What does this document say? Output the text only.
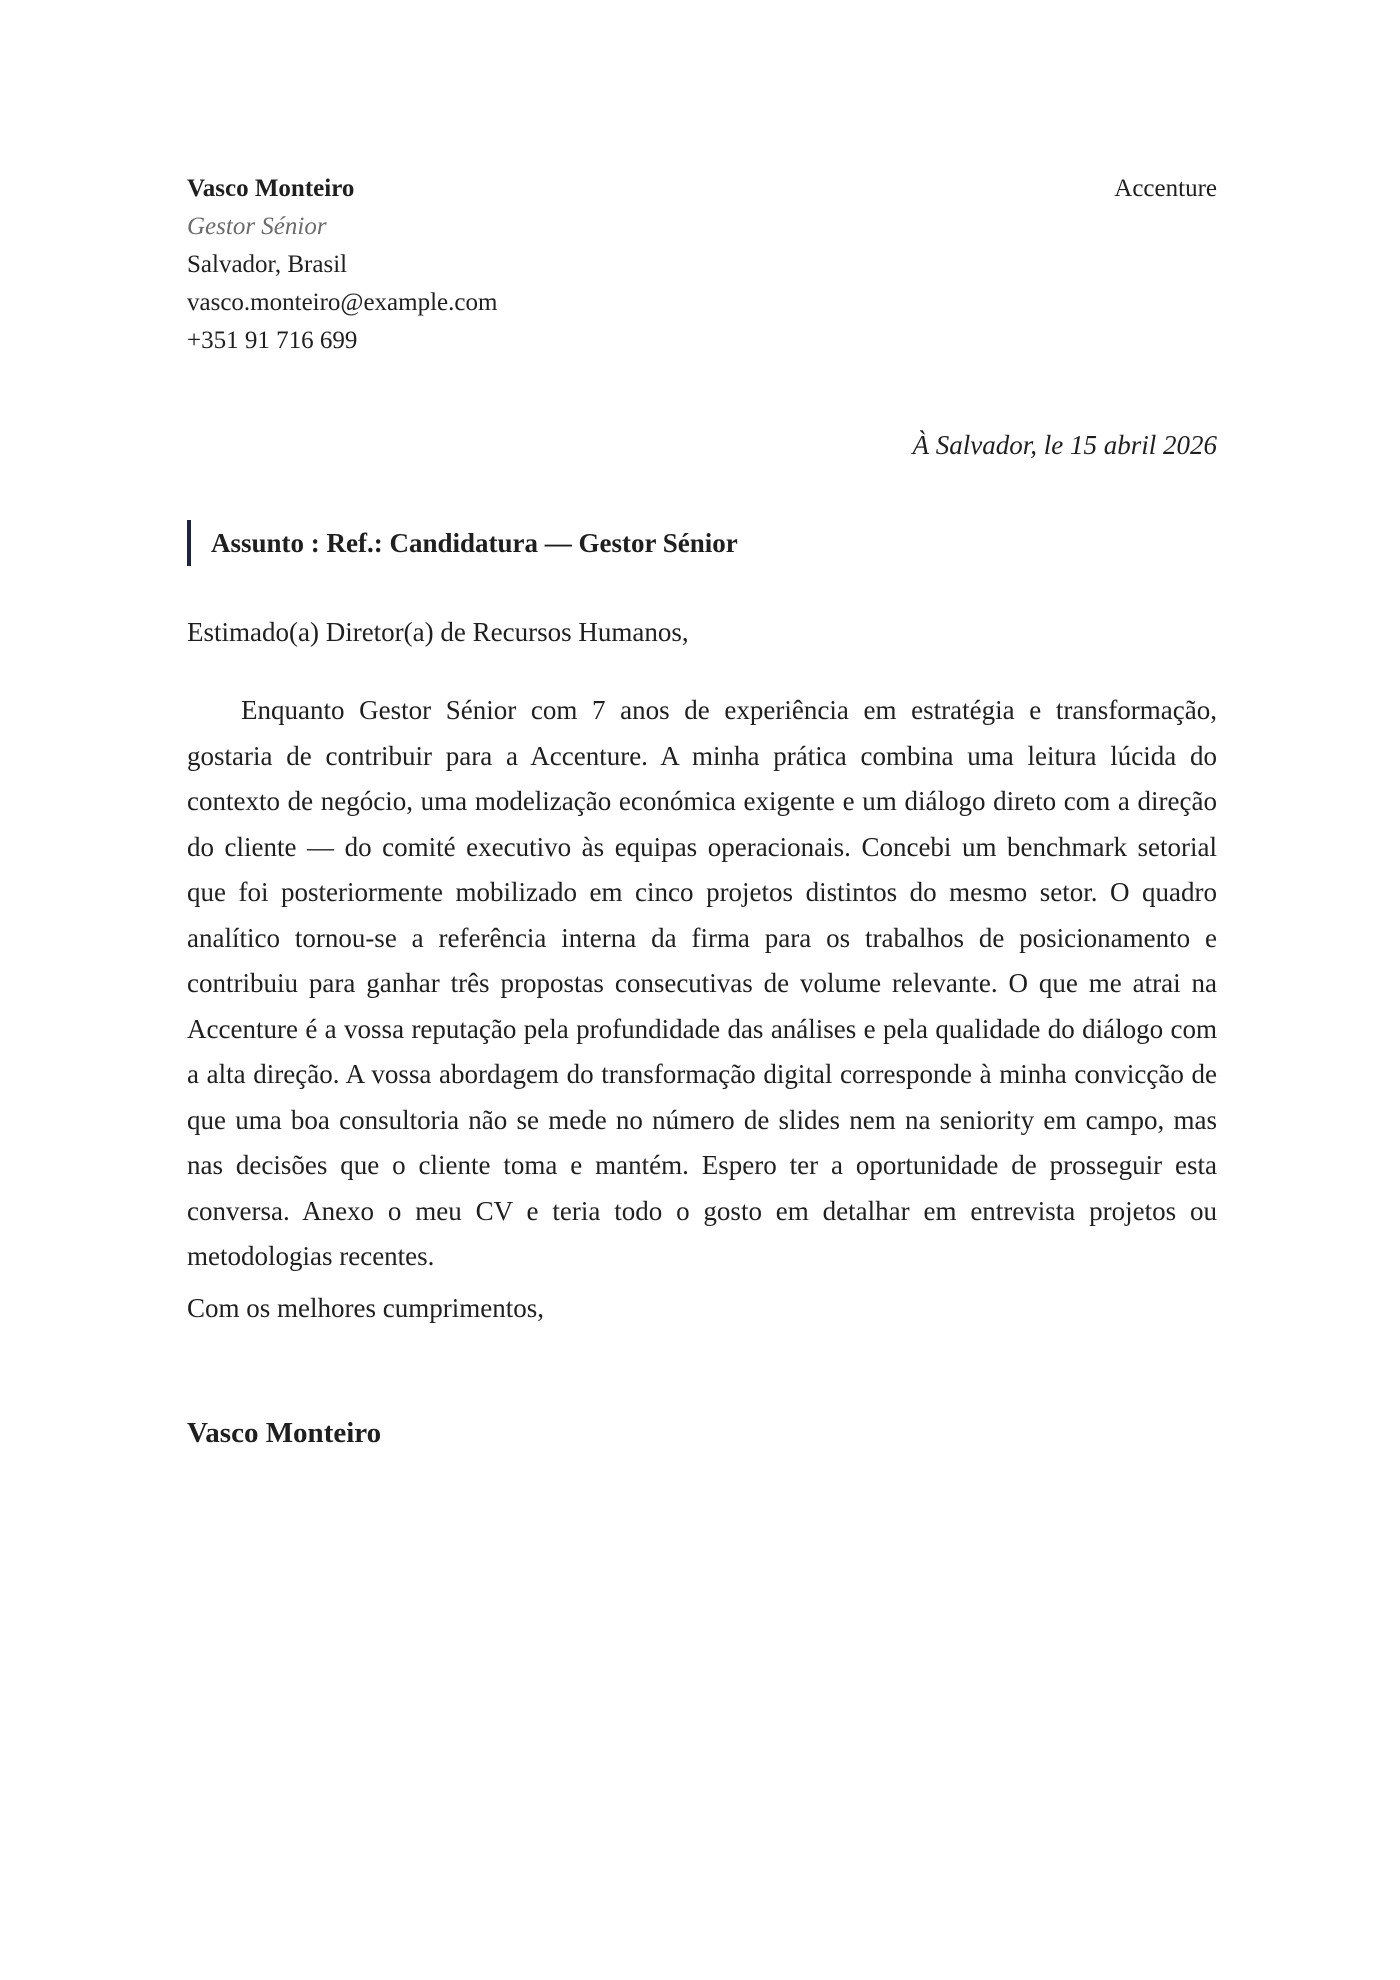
Vasco Monteiro
Gestor Sénior
Salvador, Brasil
vasco.monteiro@example.com
+351 91 716 699
Accenture
À Salvador, le 15 abril 2026
Assunto : Ref.: Candidatura — Gestor Sénior
Estimado(a) Diretor(a) de Recursos Humanos,

Enquanto Gestor Sénior com 7 anos de experiência em estratégia e transformação, gostaria de contribuir para a Accenture. A minha prática combina uma leitura lúcida do contexto de negócio, uma modelização económica exigente e um diálogo direto com a direção do cliente — do comité executivo às equipas operacionais. Concebi um benchmark setorial que foi posteriormente mobilizado em cinco projetos distintos do mesmo setor. O quadro analítico tornou-se a referência interna da firma para os trabalhos de posicionamento e contribuiu para ganhar três propostas consecutivas de volume relevante. O que me atrai na Accenture é a vossa reputação pela profundidade das análises e pela qualidade do diálogo com a alta direção. A vossa abordagem do transformação digital corresponde à minha convicção de que uma boa consultoria não se mede no número de slides nem na seniority em campo, mas nas decisões que o cliente toma e mantém. Espero ter a oportunidade de prosseguir esta conversa. Anexo o meu CV e teria todo o gosto em detalhar em entrevista projetos ou metodologias recentes.

Com os melhores cumprimentos,
Vasco Monteiro
